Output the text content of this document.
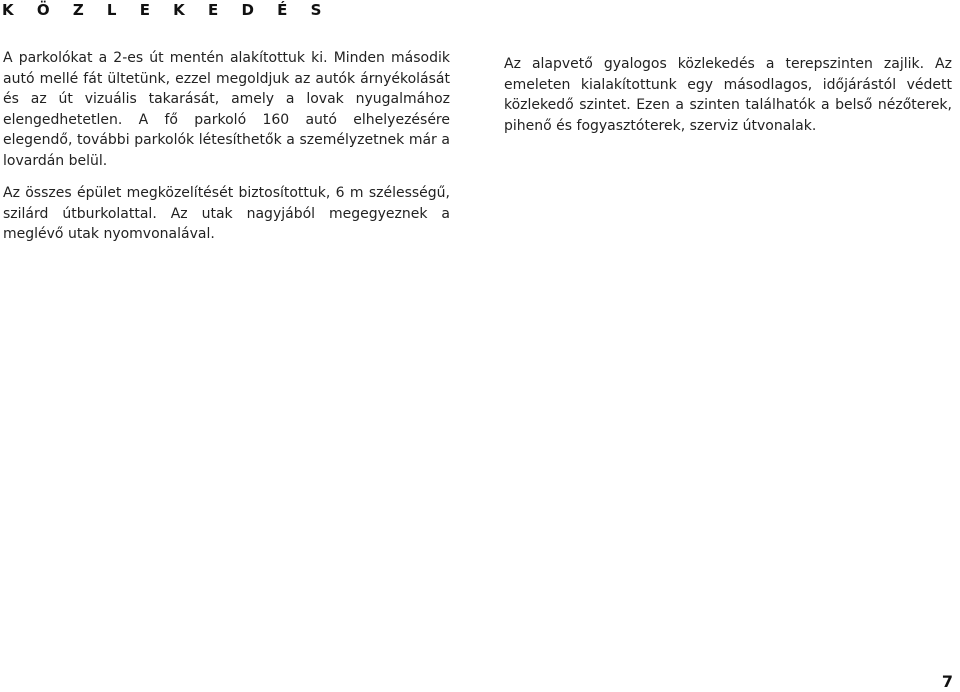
K Ö Z L E K E D É S

A parkolókat a 2-es út mentén alakítottuk ki. Minden második autó mellé fát ültetünk, ezzel megoldjuk az autók árnyékolását és az út vizuális takarását, amely a lovak nyugalmához elengedhetetlen. A fő parkoló 160 autó elhelyezésére elegendő, további parkolók létesíthetők a személyzetnek már a lovardán belül.

Az összes épület megközelítését biztosítottuk, 6 m szélességű, szilárd útburkolattal. Az utak nagyjából megegyeznek a meglévő utak nyomvonalával.

Az alapvető gyalogos közlekedés a terepszinten zajlik. Az emeleten kialakítottunk egy másodlagos, időjárástól védett közlekedő szintet. Ezen a szinten találhatók a belső nézőterek, pihenő és fogyasztóterek, szerviz útvonalak.

7
